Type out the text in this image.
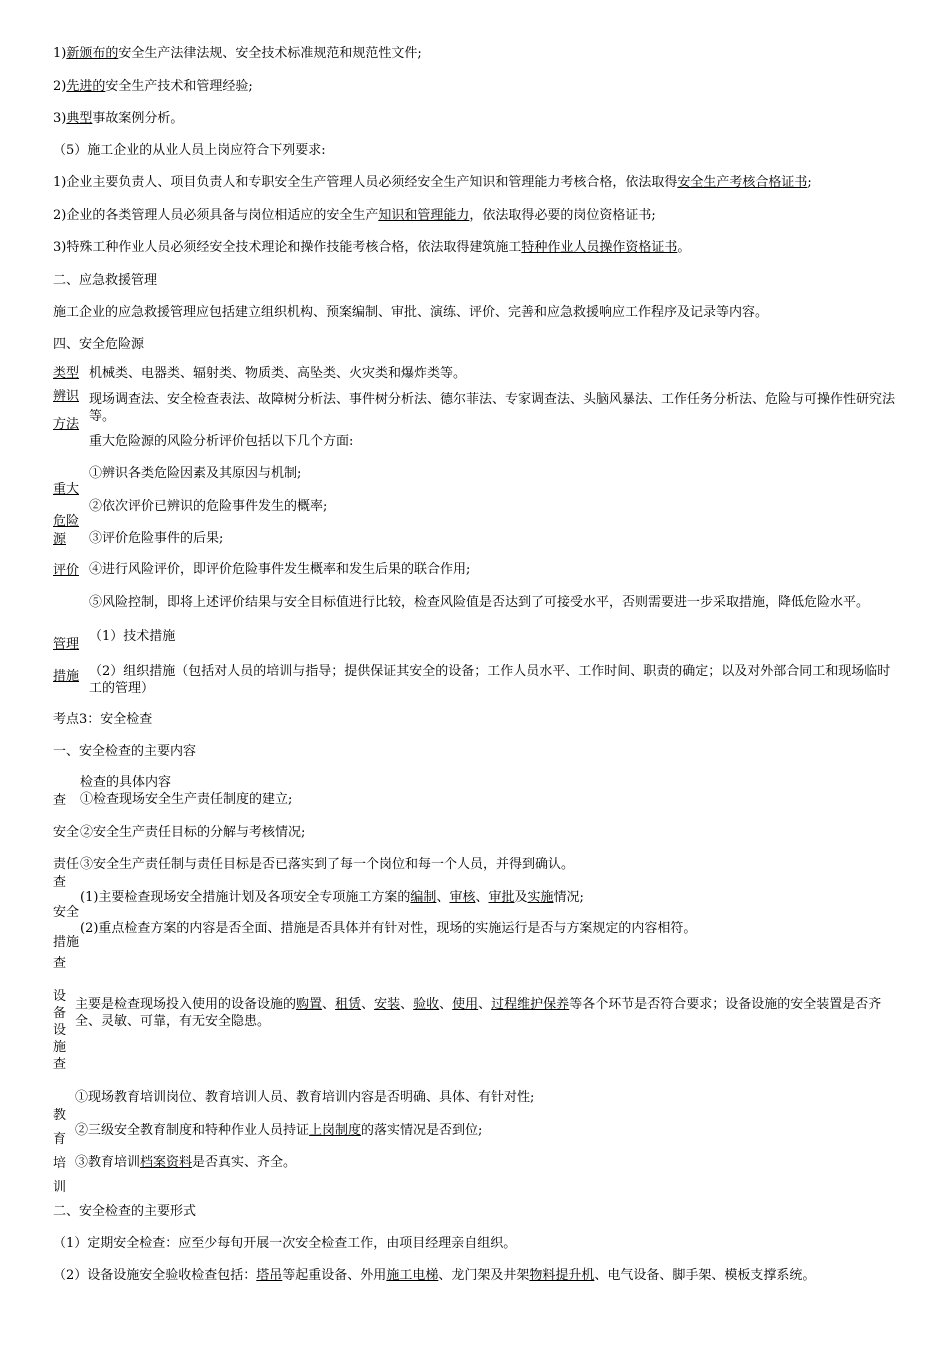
1)新颁布的安全生产法律法规、安全技术标准规范和规范性文件;
2)先进的安全生产技术和管理经验;
3)典型事故案例分析。
（5）施工企业的从业人员上岗应符合下列要求:
1)企业主要负责人、项目负责人和专职安全生产管理人员必须经安全生产知识和管理能力考核合格，依法取得安全生产考核合格证书;
2)企业的各类管理人员必须具备与岗位相适应的安全生产知识和管理能力，依法取得必要的岗位资格证书;
3)特殊工种作业人员必须经安全技术理论和操作技能考核合格，依法取得建筑施工特种作业人员操作资格证书。
二、应急救援管理
施工企业的应急救援管理应包括建立组织机构、预案编制、审批、演练、评价、完善和应急救援响应工作程序及记录等内容。
四、安全危险源
类型 机械类、电器类、辐射类、物质类、高坠类、火灾类和爆炸类等。
辨识
方法
现场调查法、安全检查表法、故障树分析法、事件树分析法、德尔菲法、专家调查法、头脑风暴法、工作任务分析法、危险与可操作性研究法等。
重大危险源的风险分析评价包括以下几个方面:
①辨识各类危险因素及其原因与机制;
重大
②依次评价已辨识的危险事件发生的概率;
危险
③评价危险事件的后果;
源
评价 ④进行风险评价，即评价危险事件发生概率和发生后果的联合作用;
⑤风险控制，即将上述评价结果与安全目标值进行比较，检查风险值是否达到了可接受水平，否则需要进一步采取措施，降低危险水平。
（1）技术措施
管理
措施 （2）组织措施（包括对人员的培训与指导；提供保证其安全的设备；工作人员水平、工作时间、职责的确定；以及对外部合同工和现场临时工的管理）
考点3：安全检查
一、安全检查的主要内容
检查的具体内容
查 ①检查现场安全生产责任制度的建立;
安全 ②安全生产责任目标的分解与考核情况;
责任 ③安全生产责任制与责任目标是否已落实到了每一个岗位和每一个人员，并得到确认。
查
(1)主要检查现场安全措施计划及各项安全专项施工方案的编制、审核、审批及实施情况;
安全
(2)重点检查方案的内容是否全面、措施是否具体并有针对性，现场的实施运行是否与方案规定的内容相符。
措施
查
设备设施查
主要是检查现场投入使用的设备设施的购置、租赁、安装、验收、使用、过程维护保养等各个环节是否符合要求；设备设施的安全装置是否齐全、灵敏、可靠，有无安全隐患。
①现场教育培训岗位、教育培训人员、教育培训内容是否明确、具体、有针对性;
教育培训
②三级安全教育制度和特种作业人员持证上岗制度的落实情况是否到位;
③教育培训档案资料是否真实、齐全。
二、安全检查的主要形式
（1）定期安全检查：应至少每旬开展一次安全检查工作，由项目经理亲自组织。
（2）设备设施安全验收检查包括：塔吊等起重设备、外用施工电梯、龙门架及井架物料提升机、电气设备、脚手架、模板支撑系统。
